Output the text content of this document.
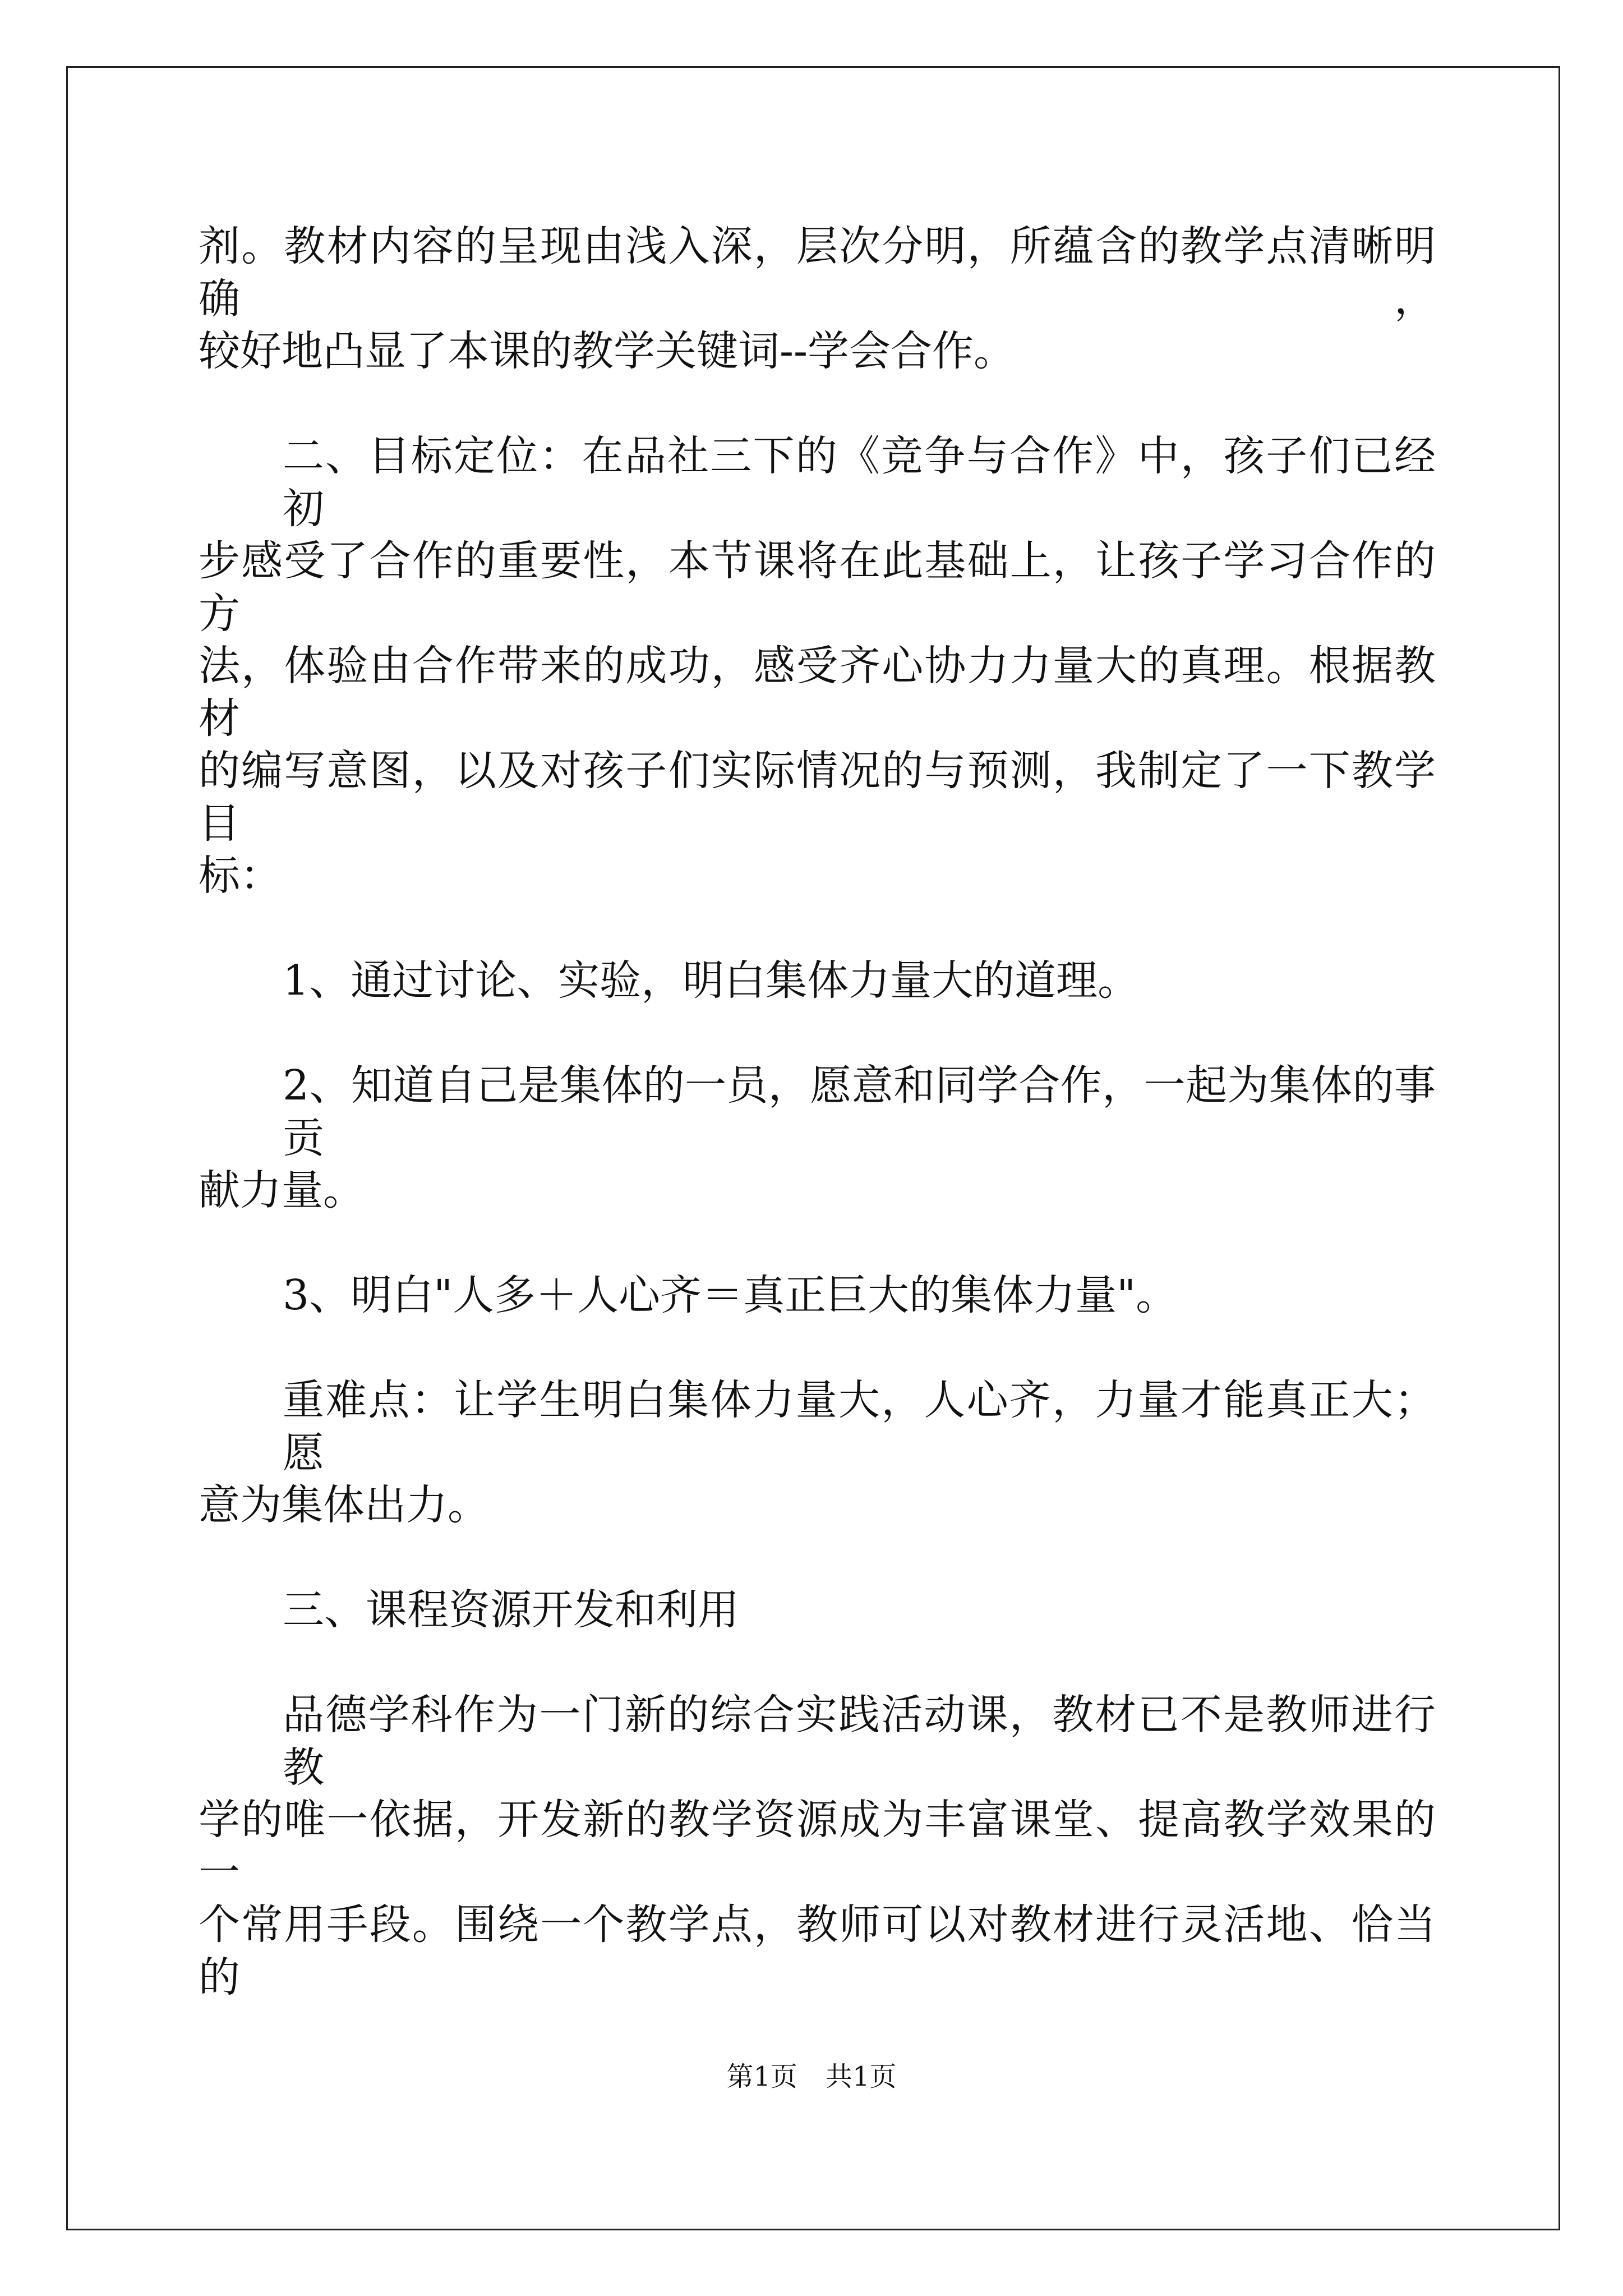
剂。教材内容的呈现由浅入深，层次分明，所蕴含的教学点清晰明确，
较好地凸显了本课的教学关键词--学会合作。
二、目标定位：在品社三下的《竞争与合作》中，孩子们已经初
步感受了合作的重要性，本节课将在此基础上，让孩子学习合作的方
法，体验由合作带来的成功，感受齐心协力力量大的真理。根据教材
的编写意图，以及对孩子们实际情况的与预测，我制定了一下教学目
标：
1、通过讨论、实验，明白集体力量大的道理。
2、知道自己是集体的一员，愿意和同学合作，一起为集体的事贡
献力量。
3、明白"人多＋人心齐＝真正巨大的集体力量"。
重难点：让学生明白集体力量大，人心齐，力量才能真正大；愿
意为集体出力。
三、课程资源开发和利用
品德学科作为一门新的综合实践活动课，教材已不是教师进行教
学的唯一依据，开发新的教学资源成为丰富课堂、提高教学效果的一
个常用手段。围绕一个教学点，教师可以对教材进行灵活地、恰当的
第1页 共1页
